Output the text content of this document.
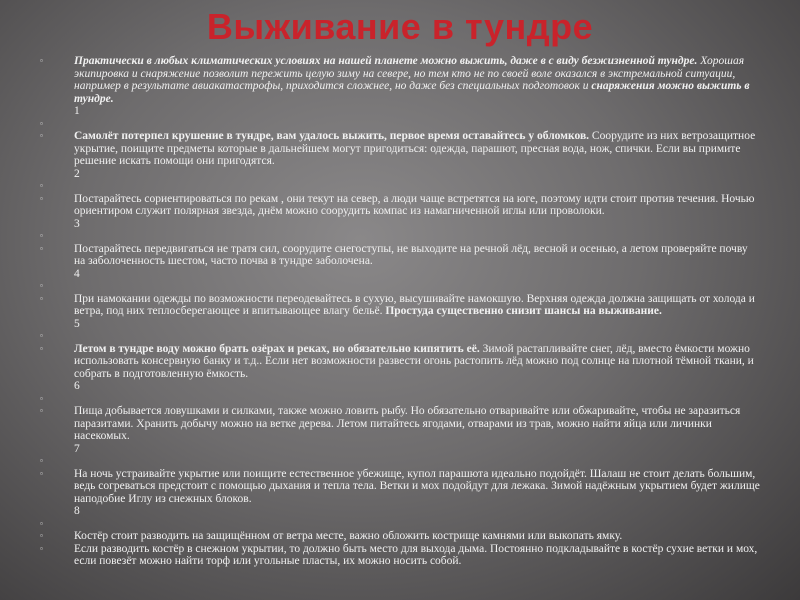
Выживание в тундре
▫	Практически в любых климатических условиях на нашей планете можно выжить, даже в с виду безжизненной тундре. Хорошая экипировка и снаряжение позволит пережить целую зиму на севере, но тем кто не по своей воле оказался в экстремальной ситуации, например в результате авиакатастрофы, приходится сложнее, но даже без специальных подготовок и снаряжения можно выжить в тундре.
1
▫

▫	Самолёт потерпел крушение в тундре, вам удалось выжить, первое время оставайтесь у обломков. Соорудите из них ветрозащитное укрытие, поищите предметы которые в дальнейшем могут пригодиться: одежда, парашют, пресная вода, нож, спички. Если вы примите решение искать помощи они пригодятся.
2
▫

▫	Постарайтесь сориентироваться по рекам , они текут на север, а люди чаще встретятся на юге, поэтому идти стоит против течения. Ночью ориентиром служит полярная звезда, днём можно соорудить компас из намагниченной иглы или проволоки.
3
▫

▫	Постарайтесь передвигаться не тратя сил, соорудите снегоступы, не выходите на речной лёд, весной и осенью, а летом проверяйте почву на заболоченность шестом, часто почва в тундре заболочена.
4
▫

▫	При намокании одежды по возможности переодевайтесь в сухую, высушивайте намокшую. Верхняя одежда должна защищать от холода и ветра, под них теплосберегающее и впитывающее влагу бельё. Простуда существенно снизит шансы на выживание.
5
▫

▫	Летом в тундре воду можно брать озёрах и реках, но обязательно кипятить её. Зимой растапливайте снег, лёд, вместо ёмкости можно использовать консервную банку и т.д.. Если нет возможности развести огонь растопить лёд можно под солнце на плотной тёмной ткани, и собрать в подготовленную ёмкость.
6
▫

▫	Пища добывается ловушками и силками, также можно ловить рыбу. Но обязательно отваривайте или обжаривайте, чтобы не заразиться паразитами. Хранить добычу можно на ветке дерева. Летом питайтесь ягодами, отварами из трав, можно найти яйца или личинки насекомых.
7
▫

▫	На ночь устраивайте укрытие или поищите естественное убежище, купол парашюта идеально подойдёт. Шалаш не стоит делать большим, ведь согреваться предстоит с помощью дыхания и тепла тела. Ветки и мох подойдут для лежака. Зимой надёжным укрытием будет жилище наподобие Иглу из снежных блоков.
8
▫

▫	Костёр стоит разводить на защищённом от ветра месте, важно обложить кострище камнями или выкопать ямку.
▫	Если разводить костёр в снежном укрытии, то должно быть место для выхода дыма. Постоянно подкладывайте в костёр сухие ветки и мох, если повезёт можно найти торф или угольные пласты, их можно носить собой.
